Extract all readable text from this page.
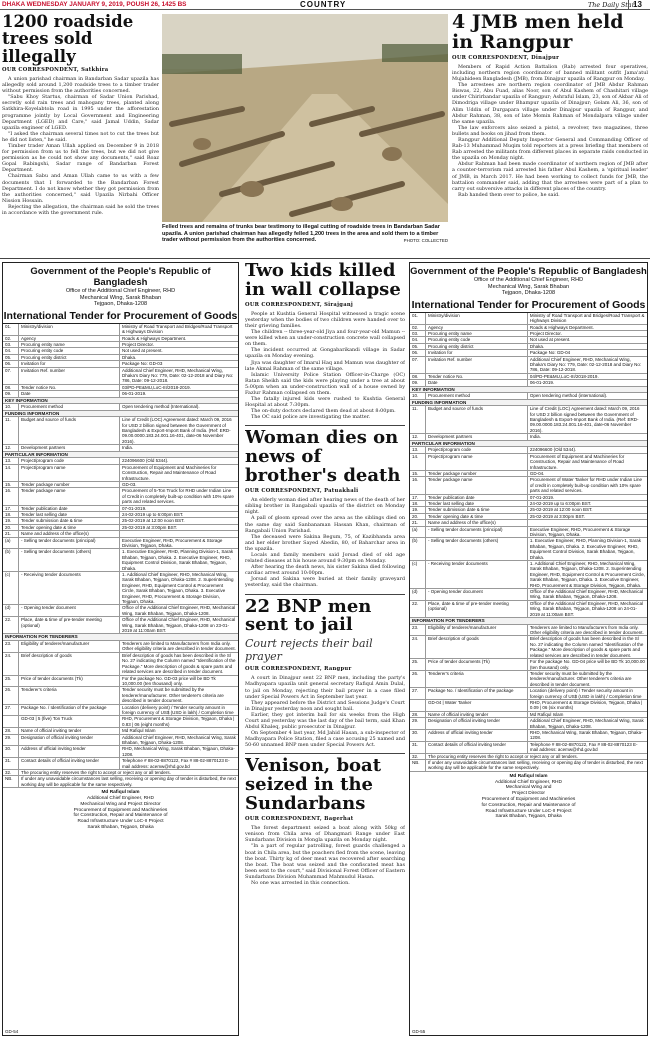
DHAKA WEDNESDAY JANUARY 9, 2019, POUSH 26, 1425 BS	COUNTRY	The Daily Star
13
1200 roadside trees sold illegally
OUR CORRESPONDENT, Satkhira

A union parishad chairman in Bandarban Sadar upazila has allegedly sold around 1,200 roadside trees to a timber trader without permission from the authorities concerned.

"Sabu Khoy Startus, chairman of Sadar Union Parishad, secretly sold rain trees and mahogany trees, planted along Satkhira-Koyelabtola road in 1995 under the afforestation programme jointly by Local Government and Engineering Department (LGED) and Care," said Jamal Uddin, Sadar upazila engineer of LGED.

"I asked the chairman several times not to cut the trees but he did not listen," he said.

Timber trader Aman Ullah applied on December 9 in 2018 for permission from us to fell the trees, but we did not give permission as he could not show any documents," said Roaz Gopal Rabingshi, Sadar range of Bandarban Forest Department.

Chairman Sabu and Aman Ullah came to us with a few documents that I forwarded to the Bandarban Forest Department. I do not know whether they got permission from the authorities concerned," said Upazila Nirbahi Officer Nission Hossain.

Rejecting the allegation, the chairman said he sold the trees in accordance with the government rule.

Felled trees and remains of trunks bear testimony to illegal cutting of roadside trees in Bandarban Sadar upazila. A union parishad chairman has allegedly felled 1,200 trees in the area and sold them to a timber trader without permission from the authorities concerned.	PHOTO: COLLECTED
4 JMB men held in Rangpur
OUR CORRESPONDENT, Dinajpur

Members of Rapid Action Battalion (Rab) arrested four operatives, including northern region coordinator of banned militant outfit Jama'atul Mujahideen Bangladesh (JMB), from Dinajpur upazila of Rangpur on Monday.

The arrestees are northern region coordinator of JMB Abdur Rahman Biswas, 22, Abu Fuad, alias Noor, son of Abul Kashem of Chashitari village under Chirirbandar upazila of Rangpur; Ashraful Islam, 23, son of Akbar Ali of Dimodriga village under Bhampur upazila of Dinajpur; Golam Ali, 36, son of Alim Uddin of Durgapara village under Dinajpur upazila of Rangpur, and Abdur Rahman, 38, son of late Momin Rahman of Mondalpara village under the same upazila.

The law enforcers also seized a pistol, a revolver, two magazines, three bullets and books on jihad from them.

Rangpur Additional Deputy Inspector General and Commanding Officer of Rab-13 Muhammad Muqim told reporters at a press briefing that members of Rab arrested the militants from different places in separate raids conducted in the upazila on Monday night.

Abdur Rahman had been made coordinator of northern region of JMB after a counter-terrorism raid arrested his father Abul Kashem, a 'spiritual leader' of JMB, in March 2017. He had been working to collect funds for JMB, the battalion commander said, adding that the arrestees were part of a plan to carry out subversive attacks in different places of the country.

Rab handed them over to police, he said.

Government of the People's Republic of Bangladesh
Office of the Additional Chief Engineer, RHD
Mechanical Wing, Sarak Bhaban
Tejgaon, Dhaka-1208
International Tender for Procurement of Goods
01.	Ministry/division	Ministry of Road Transport and Bridges/Road Transport & Highways Division
02.	Agency	Roads & Highways Department.
03.	Procuring entity name	Project Director.
04.	Procuring entity code	Not used at present.
05.	Procuring entity district	Dhaka.
06.	Invitation for	Package No: GD-03
07.	Invitation Ref. number	Additional Chief Engineer, RHD, Mechanical Wing, Dhaka's Diary No: 779, Date: 02-12-2018 and Diary No: 786, Date: 09-12-2018.
08.	Tender notice No.	03/PD-PE&MU,LoC-III/2018-2019.
09.	Date	06-01-2019.
KEY INFORMATION
10.	Procurement method	Open tendering method (International).
FUNDING INFORMATION
11.	Budget and source of funds	Line of Credit (LOC) Agreement dated: March 09, 2016 for USD 2 billion signed between the Government of Bangladesh & Export-Import Bank of India. (Ref: ERD-09.00.0000.183.24.001.16-401, date-06 November 2016).
12.	Development partners	India.
PARTICULAR INFORMATION
13.	Project/program code	224096600 (Old 5344).
14.	Project/program name	Procurement of Equipment and Machineries for Construction, Repair and Maintenance of Road Infrastructure.
15.	Tender package number	GD-03.
16.	Tender package name	Procurement of 5-Ton Truck for RHD under Indian Line of Credit in completely built-up condition with 10% spare parts and related services.
17.	Tender publication date	07-01-2019.
18.	Tender last selling date	24-02-2019 up to 6:00pm BST.
19.	Tender submission date & time	25-02-2019 at 12:00 noon BST.
20.	Tender opening date & time	25-02-2019 at 3:00pm BST.
21.	Name and address of the office(s)
(a)	- Selling tender documents (principal)	Executive Engineer, RHD, Procurement & Storage Division, Tejgaon, Dhaka.
(b)	- Selling tender documents (others)	1. Executive Engineer, RHD, Planning Division-1, Sarak Bhaban, Tejgaon, Dhaka. 2. Executive Engineer, RHD, Equipment Control Division, Sarak Bhaban, Tejgaon, Dhaka.
(c)	- Receiving tender documents	1. Additional Chief Engineer, RHD, Mechanical Wing, Sarak Bhaban, Tejgaon, Dhaka-1208. 2. Superintending Engineer, RHD, Equipment Control & Procurement Circle, Sarak Bhaban, Tejgaon, Dhaka. 3. Executive Engineer, RHD, Procurement & Storage Division, Tejgaon, Dhaka.
(d)	- Opening tender document	Office of the Additional Chief Engineer, RHD, Mechanical Wing, Sarak Bhaban, Tejgaon, Dhaka-1208.
22.	Place, date & time of pre-tender meeting (optional)
Office of the Additional Chief Engineer, RHD, Mechanical Wing, Sarak Bhaban, Tejgaon, Dhaka-1208 on 23-01-2019 at 11:00am BST.
INFORMATION FOR TENDERERS
23.	Eligibility of tenderer/manufacturer	Tenderers are limited to Manufacturers from India only. Other eligibility criteria are described in tender document.
24.	Brief description of goods	Brief description of goods has been described in the Sl No. 27 indicating the Column named "Identification of the Package." More description of goods & spare parts and related services are described in tender document.
25.	Price of tender documents (Tk)	For the package No. GD-03 price will be BD Tk 10,000.00 (ten thousand) only.
26.	Tenderer's criteria	Tender security must be submitted by the tenderer/manufacturer. Other tenderer's criteria are described in tender document.
27.	Package No. / Identification of the package	Location (delivery point) / Tender security amount in foreign currency of US$ (USD in lakh) / Completion time
GD-03 | 5 (five) Ton Truck	RHD, Procurement & Storage Division, Tejgaon, Dhaka | 0.83 | 06 (eight months)
28.	Name of official inviting tender	Md Rafiqul Islam
29.	Designation of official inviting tender	Additional Chief Engineer, RHD, Mechanical Wing, Sarak Bhaban, Tejgaon, Dhaka-1208.
30.	Address of official inviting tender	RHD, Mechanical Wing, Sarak Bhaban, Tejgaon, Dhaka-1208.
31.	Contact details of official inviting tender	Telephone # 88-02-8870122, Fax # 88-02-8870123 E-mail address: acemw@rhd.gov.bd
32.	The procuring entity reserves the right to accept or reject any or all tenders.
NB.	If under any unavoidable circumstances last selling, receiving or opening day of tender is disturbed, the next working day will be applicable for the same respectively.
Md Rafiqul Islam
Additional Chief Engineer, RHD
Mechanical Wing and Project Director
Procurement of Equipment and Machineries
for Construction, Repair and Maintenance of
Road Infrastructure Under LoC-II Project
Sarak Bhaban, Tejgaon, Dhaka
GD-54
Two kids killed in wall collapse
OUR CORRESPONDENT, Sirajganj

People at Kushtia General Hospital witnessed a tragic scene yesterday when the bodies of two children were handed over to their grieving families.

The children -- three-year-old Jiya and four-year-old Mamun -- were killed when an under-construction concrete wall collapsed on them.

The incident occurred at Gongabarikandi village in Sadar upazila on Monday evening.

Jiya was daughter of Imarul Haq and Mamun was daughter of late Akmal Rahman of the same village.

Islamic University Police Station Officer-in-Charge (OC) Ratan Sheikh said the kids were playing under a tree at about 5:00pm when an under-construction wall of a house owned by Fazlur Rahman collapsed on them.

The fatally injured kids were rushed to Kushtia General Hospital at about 7:30pm.

The on-duty doctors declared them dead at about 8:00pm.

The OC said police are investigating the matter.

Woman dies on news of brother's death
OUR CORRESPONDENT, Patuakhali

An elderly woman died after hearing news of the death of her sibling brother in Rangabali upazila of the district on Monday night.

A pall of gloom spread over the area as the siblings died on the same day said Sanbanaman Hassan Khan, chairman of Rangabali Union Parishad.

The deceased were Sakina Begum, 75, of Kazibhanda area and her elder brother Sayed Abedin, 80, of Baharchar area in the upazila.

Locals and family members said Jorsad died of old age related diseases at his house around 9:30pm on Monday.

After hearing the death news, his sister Sakina died following cardiac arrest around 10:00pm.

Jorsad and Sakina were buried at their family graveyard yesterday, said the chairman.

22 BNP men sent to jail
Court rejects their bail prayer
OUR CORRESPONDENT, Rangpur

A court in Dinajpur sent 22 BNP men, including the party's Madhyapara upazila unit general secretary Rafiqul Amin Dulal, to jail on Monday, rejecting their bail prayer in a case filed under Special Powers Act in September last year.

They appeared before the District and Sessions Judge's Court in Dinajpur yesterday noon and sought bail.

Earlier, they got interim bail for six weeks from the High Court and yesterday was the last day of the bail term, said Khan Abdul Khaleq, public prosecutor in Dinajpur.

On September 4 last year, Md Jahid Hasan, a sub-inspector of Madhyapara Police Station, filed a case accusing 25 named and 50-60 unnamed BNP men under Special Powers Act.

Venison, boat seized in the Sundarbans
OUR CORRESPONDENT, Bagerhat

The forest department seized a boat along with 50kg of venison from Chila area of Dhangmari Range under East Sundarbans Division in Mongla upazila on Monday night.

"In a part of regular patrolling, forest guards challenged a boat in Chila area, but the poachers fled from the scene, leaving the boat. Thirty kg of deer meat was recovered after searching the boat. The boat was seized and the confiscated meat has been sent to the court," said Divisional Forest Officer of Eastern Sundarbans Division Muhammad Mahmudul Hasan.

No one was arrested in this connection.

Government of the People's Republic of Bangladesh
Office of the Additional Chief Engineer, RHD
Mechanical Wing, Sarak Bhaban
Tejgaon, Dhaka-1208
International Tender for Procurement of Goods
01.	Ministry/division	Ministry of Road Transport and Bridges/Road Transport & Highways Division
02.	Agency	Roads & Highways Department.
03.	Procuring entity name	Project Director.
04.	Procuring entity code	Not used at present.
05.	Procuring entity district	Dhaka.
06.	Invitation for	Package No: GD-04
07.	Invitation Ref. number	Additional Chief Engineer, RHD, Mechanical Wing, Dhaka's Diary No: 779, Date: 02-12-2018 and Diary No: 786, Date: 09-12-2018.
08.	Tender notice No.	04/PD-PE&MU,LoC-III/2018-2019.
09.	Date	06-01-2019.
KEY INFORMATION
10.	Procurement method	Open tendering method (international).
FUNDING INFORMATION
11.	Budget and source of funds	Line of Credit (LOC) Agreement dated: March 09, 2016 for USD 2 billion signed between the Government of Bangladesh & Export-Import Bank of India. (Ref: ERD-09.00.0000.183.24.001.16-401, date-06 November 2016).
12.	Development partners	India.
PARTICULAR INFORMATION
13.	Project/program code	224096600 (Old 5344).
14.	Project/program name	Procurement of Equipment and Machineries for Construction, Repair and Maintenance of Road Infrastructure.
15.	Tender package number	GD-04.
16.	Tender package name	Procurement of Water Tanker for RHD under Indian Line of credit in completely built-up condition with 10% spare parts and related services.
17.	Tender publication date	07-01-2019.
18.	Tender last selling date	24-02-2019 up to 6:00pm BST.
19.	Tender submission date & time	25-02-2019 at 12:00 noon BST.
20.	Tender opening date & time	25-02-2019 at 3:00pm BST.
21.	Name and address of the office(s)
(a)	- Selling tender documents (principal)	Executive Engineer, RHD, Procurement & Storage Division, Tejgaon, Dhaka.
(b)	- Selling tender documents (others)	1. Executive Engineer, RHD, Planning Division-1, Sarak Bhaban, Tejgaon, Dhaka. 2. Executive Engineer, RHD, Equipment Control Division, Sarak Bhaban, Tejgaon, Dhaka.
(c)	- Receiving tender documents	1. Additional Chief Engineer, RHD, Mechanical Wing, Sarak Bhaban, Tejgaon, Dhaka-1208. 2. Superintending Engineer, RHD, Equipment Control & Procurement Circle, Sarak Bhaban, Tejgaon, Dhaka. 3. Executive Engineer, RHD, Procurement & Storage Division, Tejgaon, Dhaka.
(d)	- Opening tender document	Office of the Additional Chief Engineer, RHD, Mechanical Wing, Sarak Bhaban, Tejgaon, Dhaka-1208.
22.	Place, date & time of pre-tender meeting (optional)
Office of the Additional Chief Engineer, RHD, Mechanical Wing, Sarak Bhaban, Tejgaon, Dhaka-1208 on 24-01-2019 at 11:00am BST.
INFORMATION FOR TENDERERS
23.	Eligibility of tenderer/manufacturer	Tenderers are limited to Manufacturers from India only. Other eligibility criteria are described in tender document.
24.	Brief description of goods	Brief description of goods has been described in the Sl No. 27 indicating the Column named "Identification of the Package." More description of goods & spare parts and related services are described in tender document.
25.	Price of tender documents (Tk)	For the package No. GD-04 price will be BD Tk 10,000.00 (ten thousand) only.
26.	Tenderer's criteria	Tender security must be submitted by the tenderer/manufacturer. Other tenderer's criteria are described in tender document.
27.	Package No. / Identification of the package	Location (delivery point) / Tender security amount in foreign currency of US$ (USD in lakh) / Completion time
GD-04 | Water Tanker	RHD, Procurement & Storage Division, Tejgaon, Dhaka | 0.09 | 06 (six months)
28.	Name of official inviting tender	Md Rafiqul Islam
29.	Designation of official inviting tender	Additional Chief Engineer, RHD, Mechanical Wing, Sarak Bhaban, Tejgaon, Dhaka-1208.
30.	Address of official inviting tender	RHD, Mechanical Wing, Sarak Bhaban, Tejgaon, Dhaka-1208.
31.	Contact details of official inviting tender	Telephone # 88-02-8870122, Fax # 88-02-8870123 E-mail address: acemw@rhd.gov.bd
32.	The procuring entity reserves the right to accept or reject any or all tenders.
NB.	If under any unavoidable circumstances last selling, receiving or opening day of tender is disturbed, the next working day will be applicable for the same respectively.
Md Rafiqul Islam
Additional Chief Engineer, RHD
Mechanical Wing and
Project Director
Procurement of Equipment and Machineries
for Construction, Repair and Maintenance of
Road Infrastructure Under LoC-II Project
Sarak Bhaban, Tejgaon, Dhaka
GD-55
